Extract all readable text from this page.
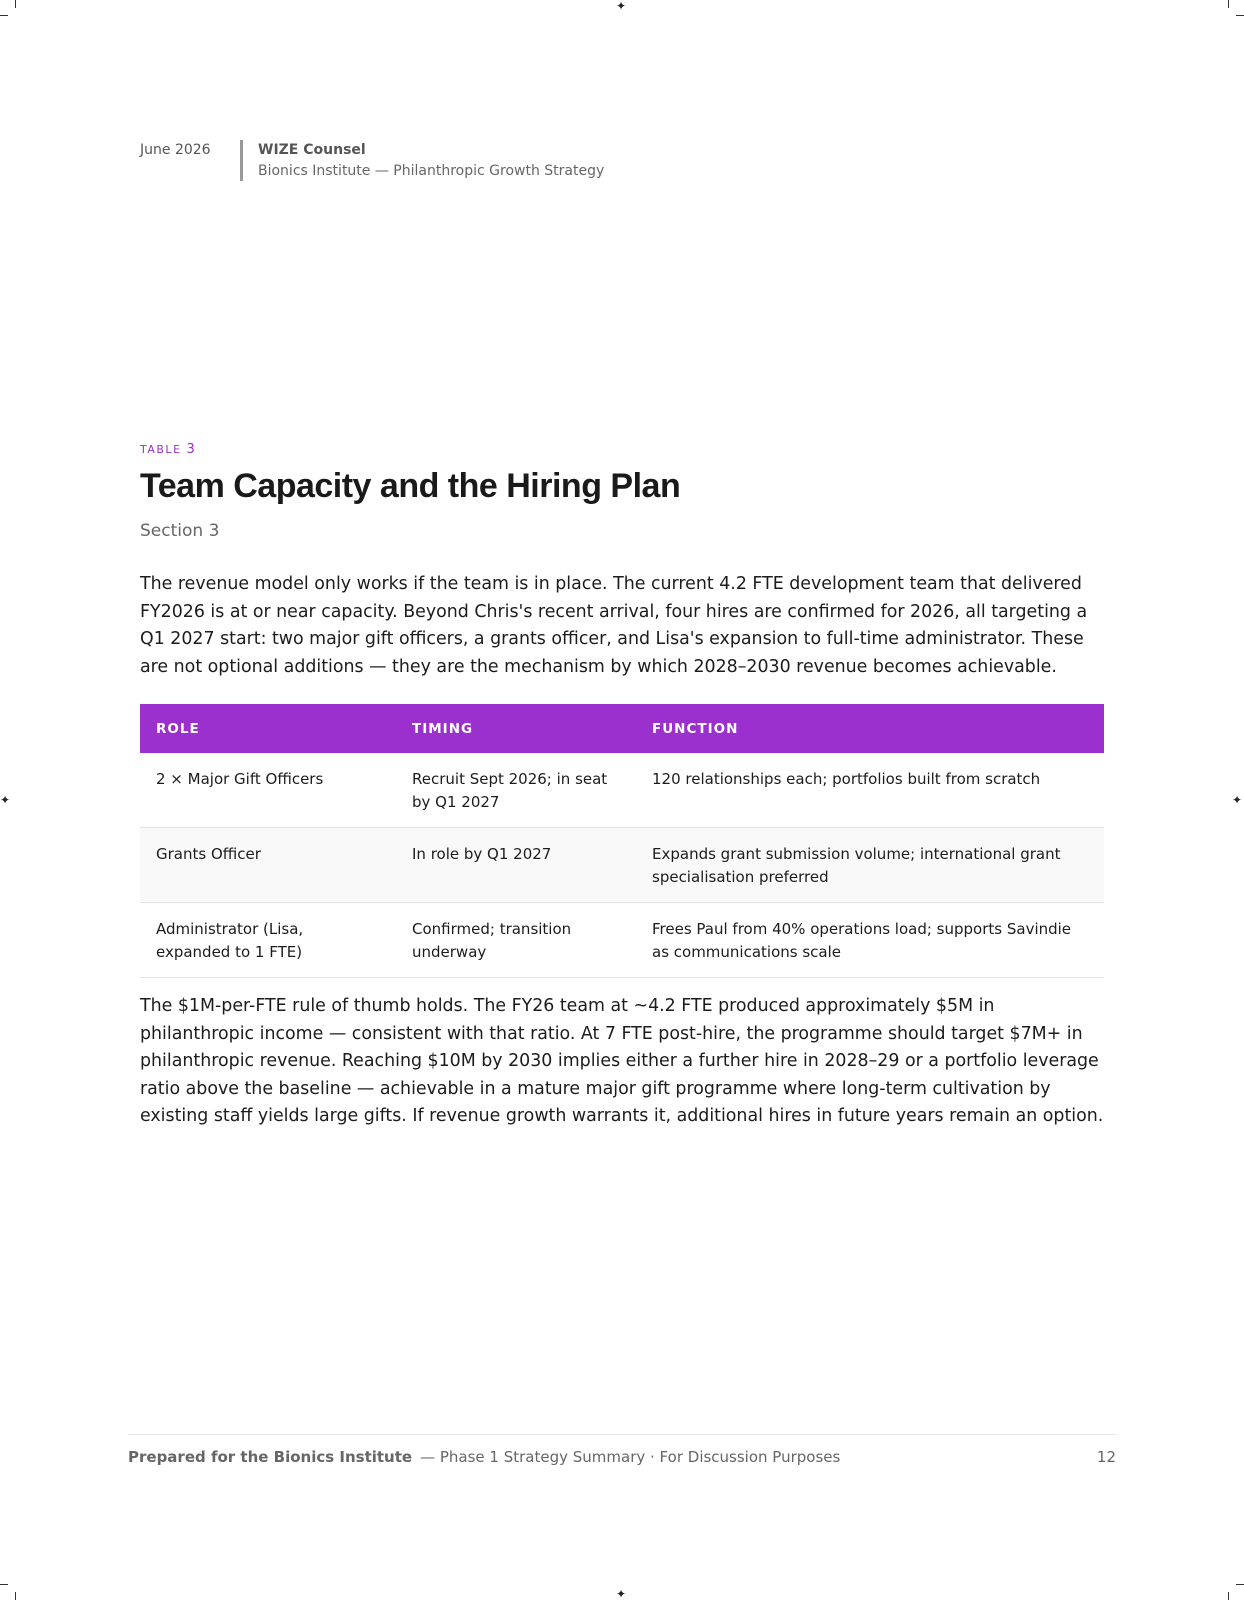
✦
✦
✦	✦
June 2026	WIZE Counsel
Bionics Institute — Philanthropic Growth Strategy
TABLE 3
Team Capacity and the Hiring Plan
Section 3

The revenue model only works if the team is in place. The current 4.2 FTE development team that delivered FY2026 is at or near capacity. Beyond Chris's recent arrival, four hires are confirmed for 2026, all targeting a Q1 2027 start: two major gift officers, a grants officer, and Lisa's expansion to full-time administrator. These are not optional additions — they are the mechanism by which 2028–2030 revenue becomes achievable.

ROLE	TIMING	FUNCTION
2 × Major Gift Officers	Recruit Sept 2026; in seat by Q1 2027	120 relationships each; portfolios built from scratch
Grants Officer	In role by Q1 2027	Expands grant submission volume; international grant specialisation preferred
Administrator (Lisa, expanded to 1 FTE)	Confirmed; transition underway	Frees Paul from 40% operations load; supports Savindie as communications scale

The $1M-per-FTE rule of thumb holds. The FY26 team at ~4.2 FTE produced approximately $5M in philanthropic income — consistent with that ratio. At 7 FTE post-hire, the programme should target $7M+ in philanthropic revenue. Reaching $10M by 2030 implies either a further hire in 2028–29 or a portfolio leverage ratio above the baseline — achievable in a mature major gift programme where long-term cultivation by existing staff yields large gifts. If revenue growth warrants it, additional hires in future years remain an option.

Prepared for the Bionics Institute — Phase 1 Strategy Summary · For Discussion Purposes	12
